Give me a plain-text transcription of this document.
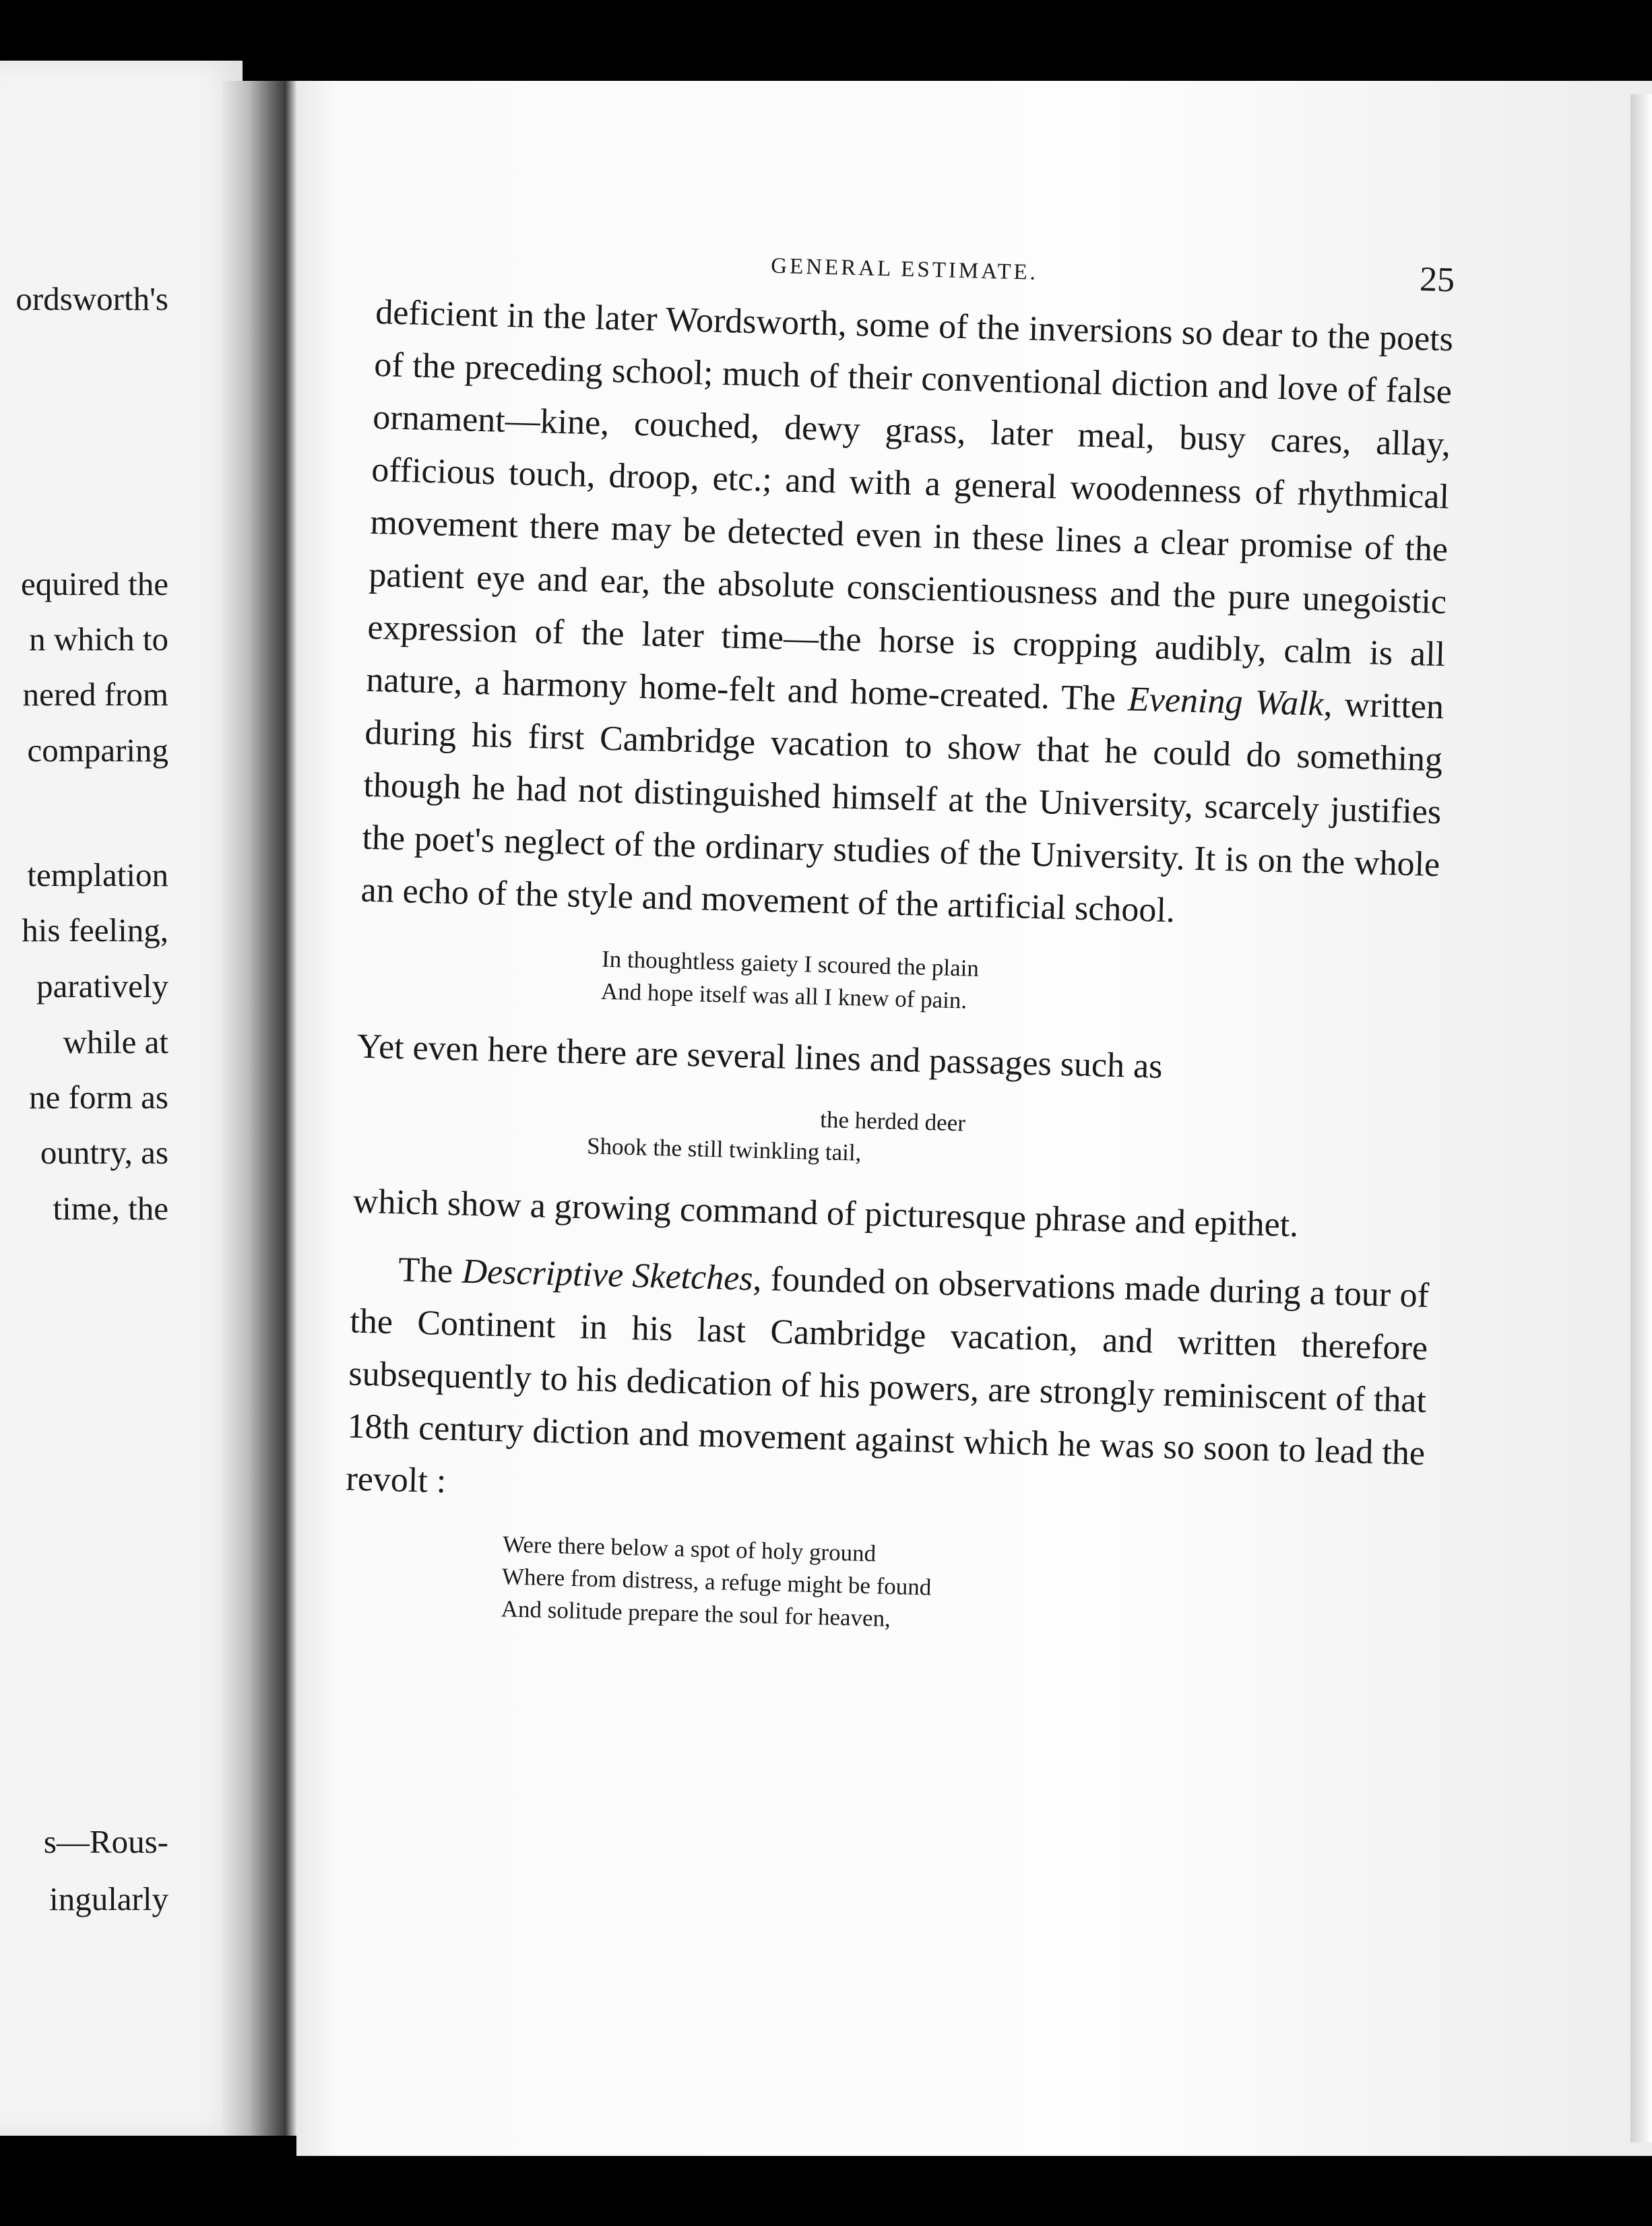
ordsworth's
equired the
n which to
nered from
comparing
templation
his feeling,
paratively
while at
ne form as
ountry, as
time, the
s—Rous-
ingularly
GENERAL ESTIMATE.	25

deficient in the later Wordsworth, some of the inversions so dear to the poets of the preceding school; much of their conventional diction and love of false ornament—kine, couched, dewy grass, later meal, busy cares, allay, officious touch, droop, etc.; and with a general woodenness of rhythmical movement there may be detected even in these lines a clear promise of the patient eye and ear, the absolute conscientiousness and the pure unegoistic expression of the later time—the horse is cropping audibly, calm is all nature, a harmony home-felt and home-created. The Evening Walk, written during his first Cambridge vacation to show that he could do something though he had not distinguished himself at the University, scarcely justifies the poet's neglect of the ordinary studies of the University. It is on the whole an echo of the style and movement of the artificial school.

In thoughtless gaiety I scoured the plain
And hope itself was all I knew of pain.

Yet even here there are several lines and passages such as

the herded deer
Shook the still twinkling tail,

which show a growing command of picturesque phrase and epithet.

The Descriptive Sketches, founded on observations made during a tour of the Continent in his last Cambridge vacation, and written therefore subsequently to his dedication of his powers, are strongly reminiscent of that 18th century diction and movement against which he was so soon to lead the revolt :

Were there below a spot of holy ground
Where from distress, a refuge might be found
And solitude prepare the soul for heaven,
